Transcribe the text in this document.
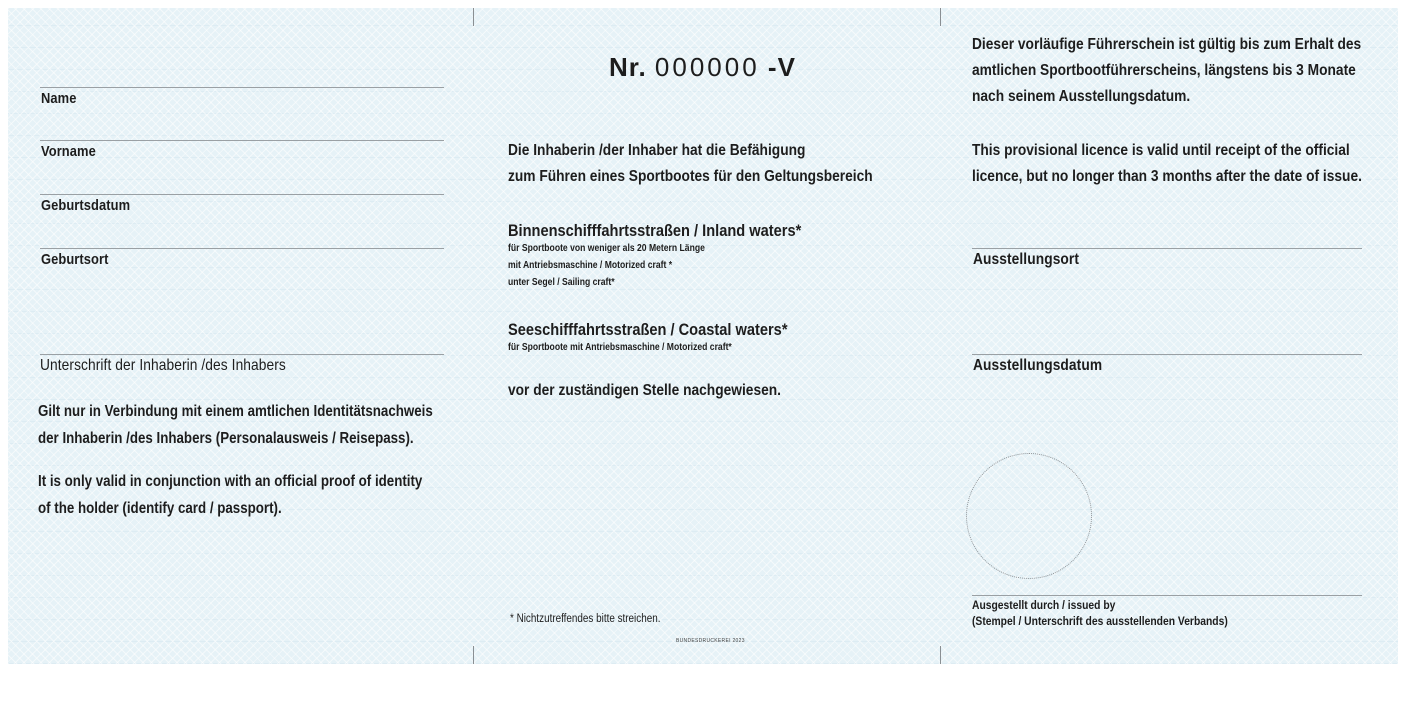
Name
Vorname
Geburtsdatum
Geburtsort
Unterschrift der Inhaberin /des Inhabers
Gilt nur in Verbindung mit einem amtlichen Identitätsnachweis
der Inhaberin /des Inhabers (Personalausweis / Reisepass).
It is only valid in conjunction with an official proof of identity
of the holder (identify card / passport).
Nr. 000000 -V
Die Inhaberin /der Inhaber hat die Befähigung
zum Führen eines Sportbootes für den Geltungsbereich
Binnenschifffahrtsstraßen / Inland waters*
für Sportboote von weniger als 20 Metern Länge
mit Antriebsmaschine / Motorized craft *
unter Segel / Sailing craft*
Seeschifffahrtsstraßen / Coastal waters*
für Sportboote mit Antriebsmaschine / Motorized craft*
vor der zuständigen Stelle nachgewiesen.
* Nichtzutreffendes bitte streichen.
BUNDESDRUCKEREI 2023
Dieser vorläufige Führerschein ist gültig bis zum Erhalt des
amtlichen Sportbootführerscheins, längstens bis 3 Monate
nach seinem Ausstellungsdatum.
This provisional licence is valid until receipt of the official
licence, but no longer than 3 months after the date of issue.
Ausstellungsort
Ausstellungsdatum
Ausgestellt durch / issued by
(Stempel / Unterschrift des ausstellenden Verbands)
